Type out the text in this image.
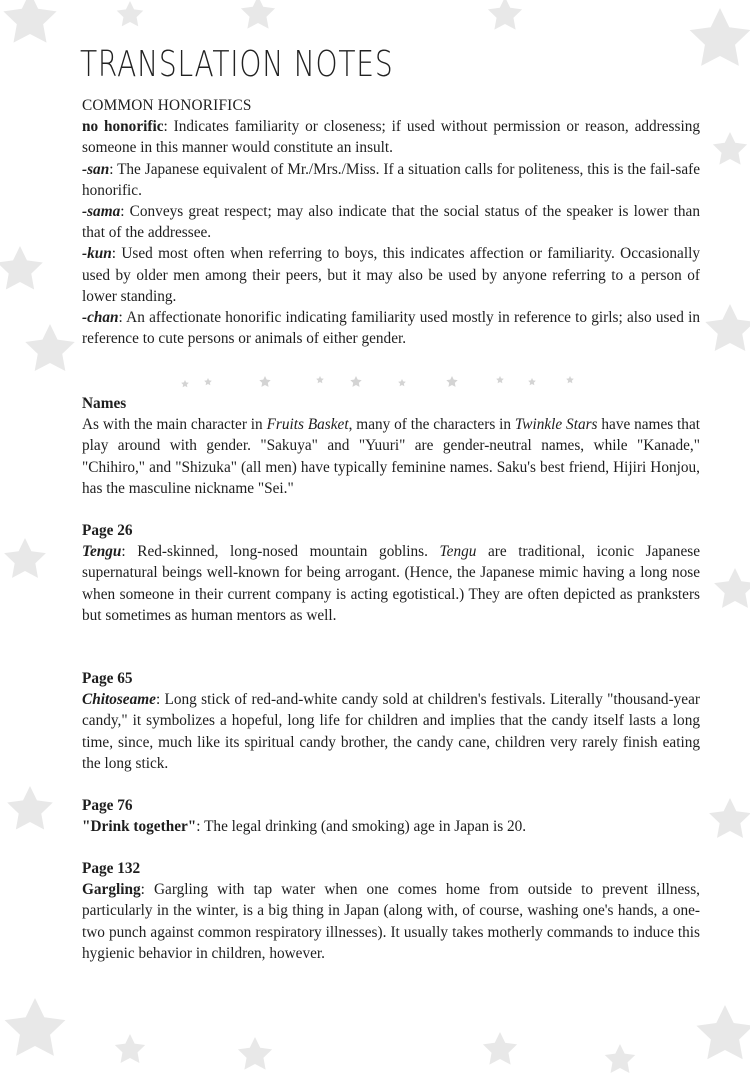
TRANSLATION NOTES

COMMON HONORIFICS

no honorific: Indicates familiarity or closeness; if used without permission or reason, addressing someone in this manner would constitute an insult.

-san: The Japanese equivalent of Mr./Mrs./Miss. If a situation calls for politeness, this is the fail-safe honorific.

-sama: Conveys great respect; may also indicate that the social status of the speaker is lower than that of the addressee.

-kun: Used most often when referring to boys, this indicates affection or familiarity. Occasionally used by older men among their peers, but it may also be used by anyone referring to a person of lower standing.

-chan: An affectionate honorific indicating familiarity used mostly in reference to girls; also used in reference to cute persons or animals of either gender.

Names

As with the main character in Fruits Basket, many of the characters in Twinkle Stars have names that play around with gender. "Sakuya" and "Yuuri" are gender-neutral names, while "Kanade," "Chihiro," and "Shizuka" (all men) have typically feminine names. Saku's best friend, Hijiri Honjou, has the masculine nickname "Sei."

Page 26

Tengu: Red-skinned, long-nosed mountain goblins. Tengu are traditional, iconic Japanese supernatural beings well-known for being arrogant. (Hence, the Japanese mimic having a long nose when someone in their current company is acting egotistical.) They are often depicted as pranksters but sometimes as human mentors as well.

Page 65

Chitoseame: Long stick of red-and-white candy sold at children's festivals. Literally "thousand-year candy," it symbolizes a hopeful, long life for children and implies that the candy itself lasts a long time, since, much like its spiritual candy brother, the candy cane, children very rarely finish eating the long stick.

Page 76

"Drink together": The legal drinking (and smoking) age in Japan is 20.

Page 132

Gargling: Gargling with tap water when one comes home from outside to prevent illness, particularly in the winter, is a big thing in Japan (along with, of course, washing one's hands, a one-two punch against common respiratory illnesses). It usually takes motherly commands to induce this hygienic behavior in children, however.
